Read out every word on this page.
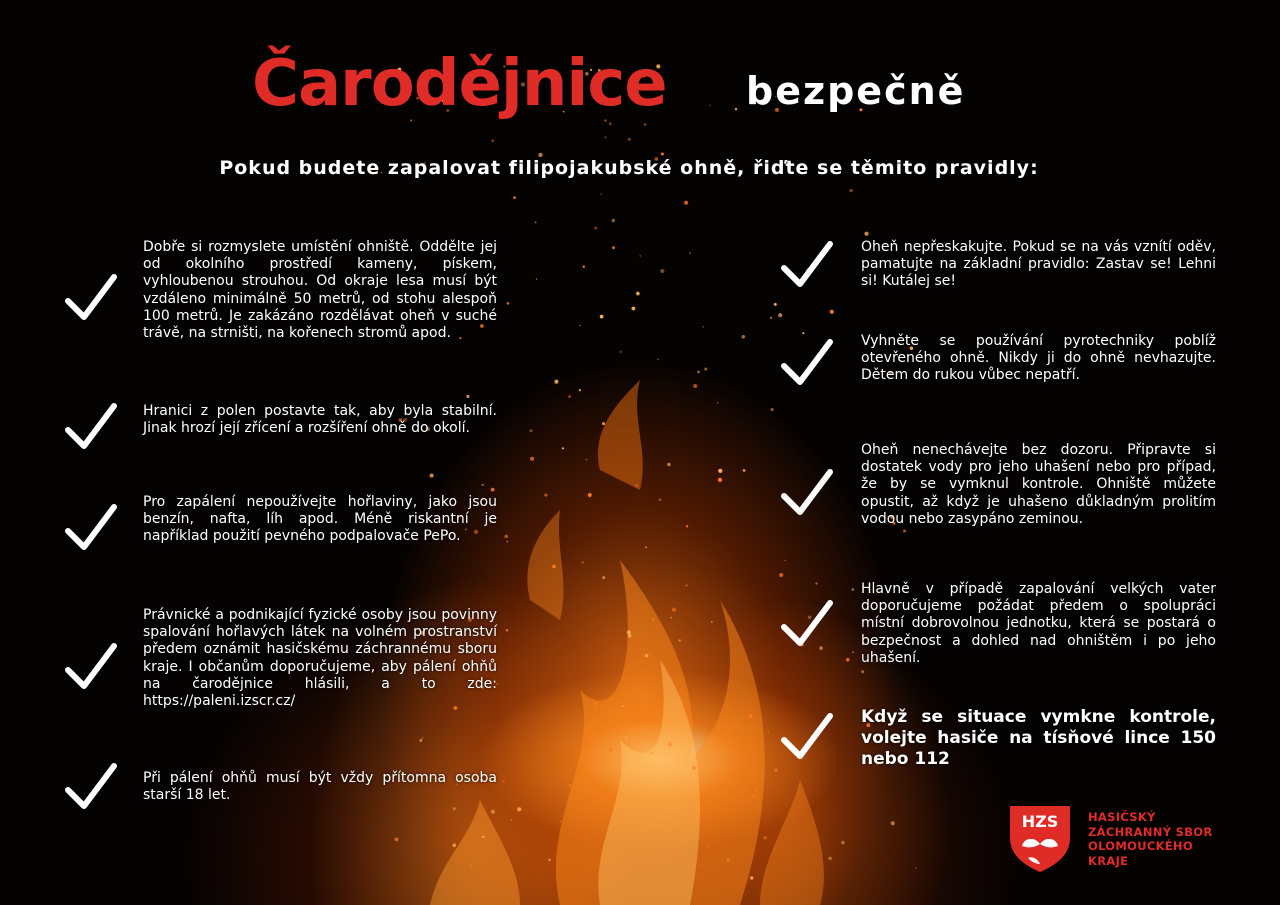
Čarodějnice bezpečně
Pokud budete zapalovat filipojakubské ohně, řiďte se těmito pravidly:
Dobře si rozmyslete umístění ohniště. Oddělte jej od okolního prostředí kameny, pískem, vyhloubenou strouhou. Od okraje lesa musí být vzdáleno minimálně 50 metrů, od stohu alespoň 100 metrů. Je zakázáno rozdělávat oheň v suché trávě, na strništi, na kořenech stromů apod.
Hranici z polen postavte tak, aby byla stabilní. Jinak hrozí její zřícení a rozšíření ohně do okolí.
Pro zapálení nepoužívejte hořlaviny, jako jsou benzín, nafta, líh apod. Méně riskantní je například použití pevného podpalovače PePo.
Právnické a podnikající fyzické osoby jsou povinny spalování hořlavých látek na volném prostranství předem oznámit hasičskému záchrannému sboru kraje. I občanům doporučujeme, aby pálení ohňů na čarodějnice hlásili, a to zde: https://paleni.izscr.cz/
Při pálení ohňů musí být vždy přítomna osoba starší 18 let.
Oheň nepřeskakujte. Pokud se na vás vznítí oděv, pamatujte na základní pravidlo: Zastav se! Lehni si! Kutálej se!
Vyhněte se používání pyrotechniky poblíž otevřeného ohně. Nikdy ji do ohně nevhazujte. Dětem do rukou vůbec nepatří.
Oheň nenechávejte bez dozoru. Připravte si dostatek vody pro jeho uhašení nebo pro případ, že by se vymknul kontrole. Ohniště můžete opustit, až když je uhašeno důkladným prolitím vodou nebo zasypáno zeminou.
Hlavně v případě zapalování velkých vater doporučujeme požádat předem o spolupráci místní dobrovolnou jednotku, která se postará o bezpečnost a dohled nad ohništěm i po jeho uhašení.
Když se situace vymkne kontrole, volejte hasiče na tísňové lince 150 nebo 112
HZS	HASIČSKÝ
ZÁCHRANNÝ SBOR
OLOMOUCKÉHO
KRAJE
